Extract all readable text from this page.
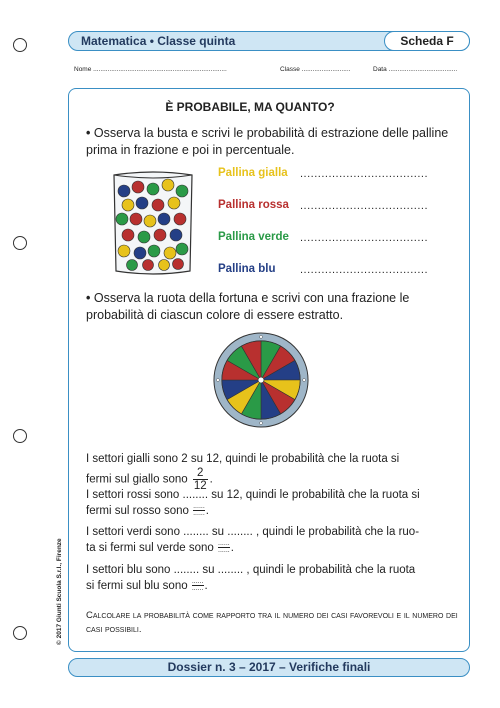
Matematica • Classe quinta	Scheda F
Nome ..........................................................................	Classe ...........................	Data ......................................
È PROBABILE, MA QUANTO?
• Osserva la busta e scrivi le probabilità di estrazione delle palline prima in frazione e poi in percentuale.
Pallina gialla ....................................
Pallina rossa ....................................
Pallina verde ....................................
Pallina blu ....................................
• Osserva la ruota della fortuna e scrivi con una frazione le probabilità di ciascun colore di essere estratto.
I settori gialli sono 2 su 12, quindi le probabilità che la ruota si
fermi sul giallo sono $\frac{2}{12}$ .
I settori rossi sono ........ su 12, quindi le probabilità che la ruota si
fermi sul rosso sono $\frac{......}{......}$ .
I settori verdi sono ........ su ........ , quindi le probabilità che la ruo-
ta si fermi sul verde sono $\frac{......}{......}$ .
I settori blu sono ........ su ........ , quindi le probabilità che la ruota
si fermi sul blu sono $\frac{......}{......}$ .
Calcolare la probabilità come rapporto tra il numero dei casi favorevoli e il numero dei casi possibili.
© 2017 Giunti Scuola S.r.l., Firenze
Dossier n. 3 – 2017 – Verifiche finali
